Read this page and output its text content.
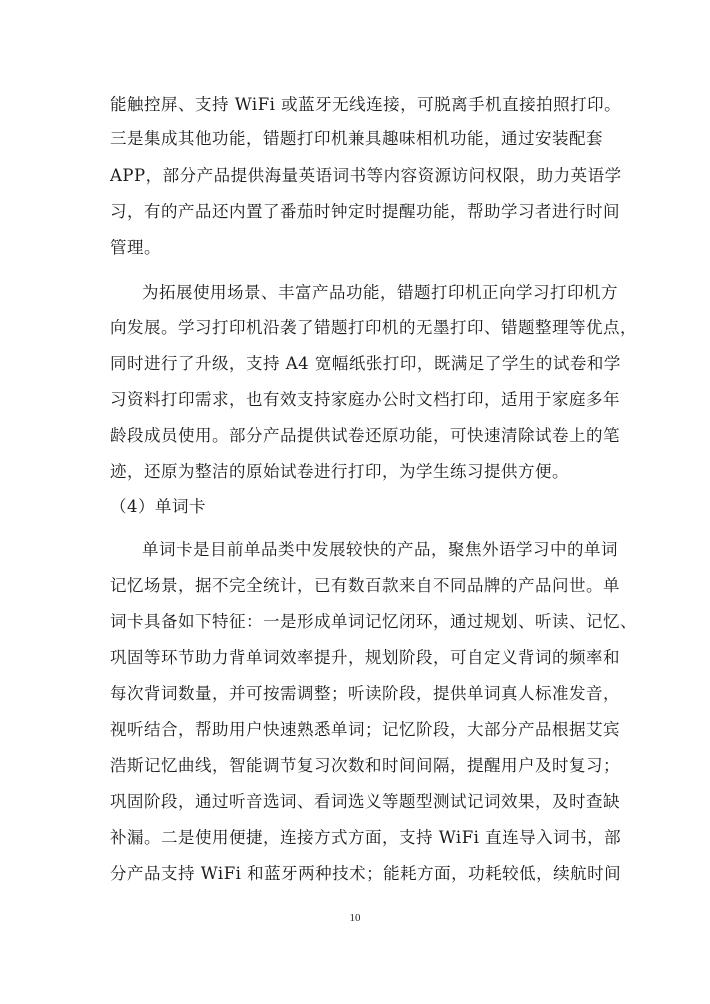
能触控屏、支持 WiFi 或蓝牙无线连接，可脱离手机直接拍照打印。
三是集成其他功能，错题打印机兼具趣味相机功能，通过安装配套
APP，部分产品提供海量英语词书等内容资源访问权限，助力英语学
习，有的产品还内置了番茄时钟定时提醒功能，帮助学习者进行时间
管理。
为拓展使用场景、丰富产品功能，错题打印机正向学习打印机方
向发展。学习打印机沿袭了错题打印机的无墨打印、错题整理等优点，
同时进行了升级，支持 A4 宽幅纸张打印，既满足了学生的试卷和学
习资料打印需求，也有效支持家庭办公时文档打印，适用于家庭多年
龄段成员使用。部分产品提供试卷还原功能，可快速清除试卷上的笔
迹，还原为整洁的原始试卷进行打印，为学生练习提供方便。
（4）单词卡
单词卡是目前单品类中发展较快的产品，聚焦外语学习中的单词
记忆场景，据不完全统计，已有数百款来自不同品牌的产品问世。单
词卡具备如下特征：一是形成单词记忆闭环，通过规划、听读、记忆、
巩固等环节助力背单词效率提升，规划阶段，可自定义背词的频率和
每次背词数量，并可按需调整；听读阶段，提供单词真人标准发音，
视听结合，帮助用户快速熟悉单词；记忆阶段，大部分产品根据艾宾
浩斯记忆曲线，智能调节复习次数和时间间隔，提醒用户及时复习；
巩固阶段，通过听音选词、看词选义等题型测试记词效果，及时查缺
补漏。二是使用便捷，连接方式方面，支持 WiFi 直连导入词书，部
分产品支持 WiFi 和蓝牙两种技术；能耗方面，功耗较低，续航时间
10
